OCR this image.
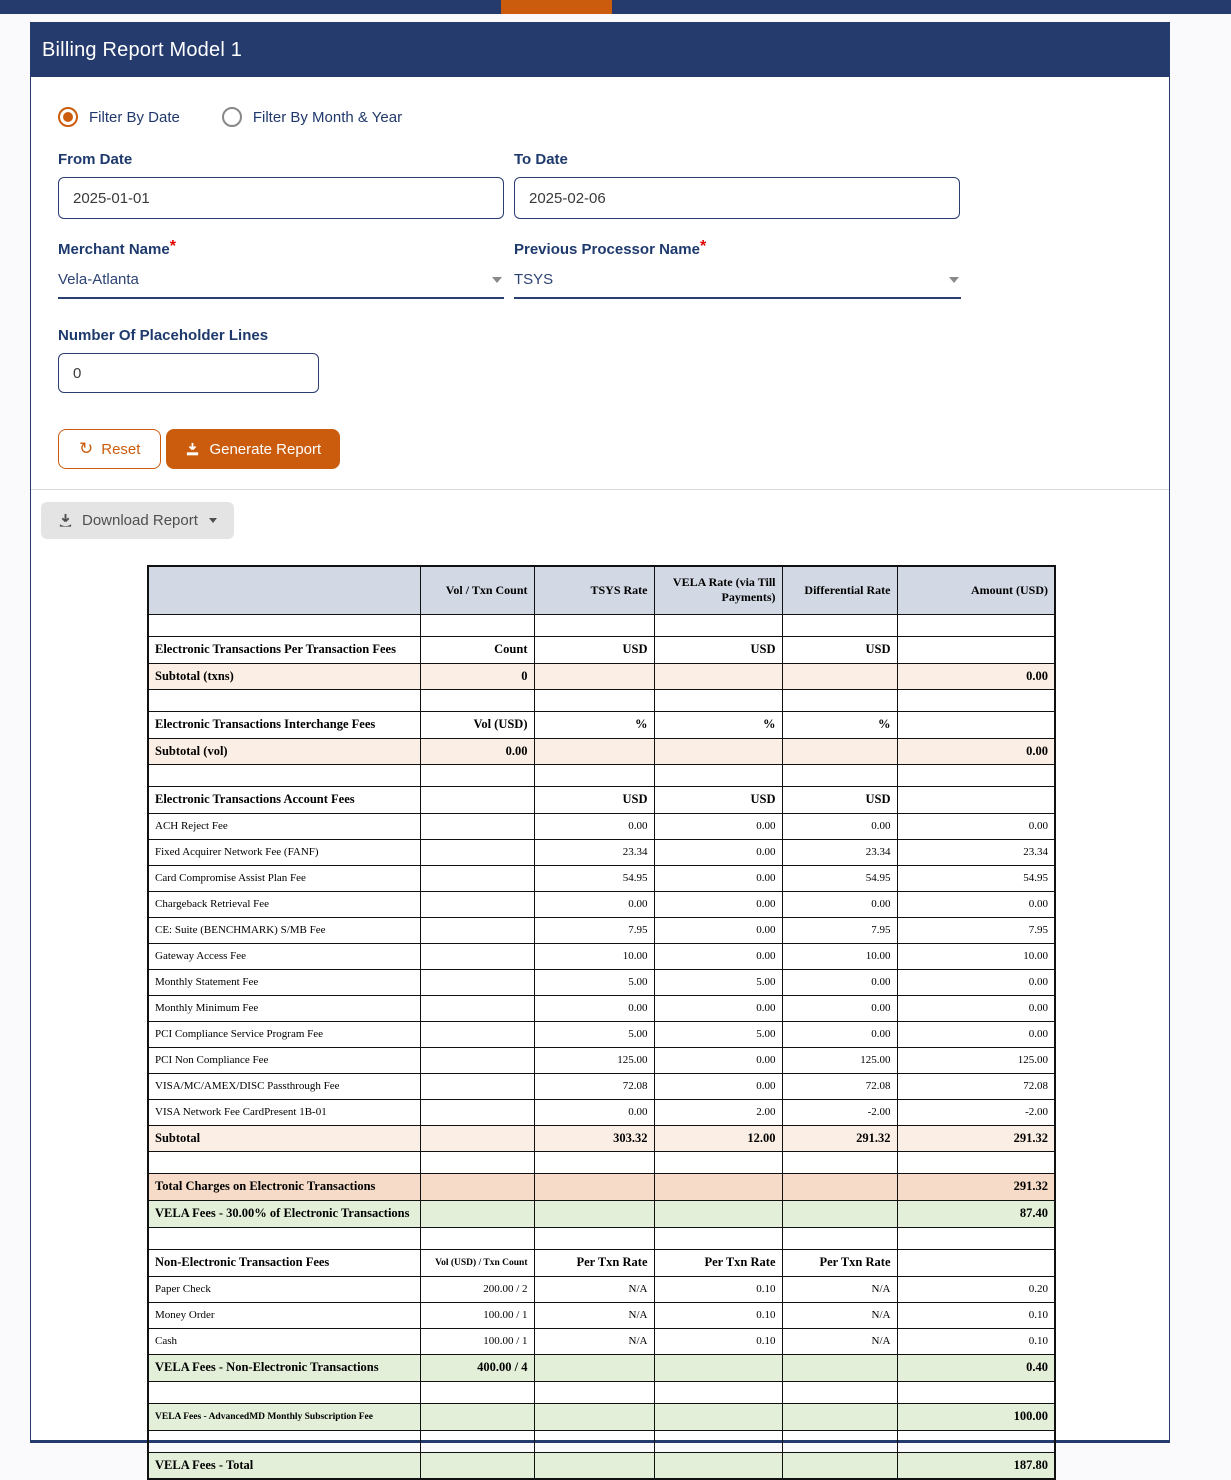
Billing Report Model 1
Filter By Date	Filter By Month & Year
From Date
2025-01-01	To Date
2025-02-06
Merchant Name*
Vela-Atlanta
Previous Processor Name*
TSYS
Number Of Placeholder Lines
0
↻ Reset	Generate Report
Download Report
	Vol / Txn Count	TSYS Rate	VELA Rate (via Till Payments)	Differential Rate	Amount (USD)

Electronic Transactions Per Transaction Fees	Count	USD	USD	USD	
Subtotal (txns)	0				0.00

Electronic Transactions Interchange Fees	Vol (USD)	%	%	%	
Subtotal (vol)	0.00				0.00

Electronic Transactions Account Fees		USD	USD	USD	
ACH Reject Fee		0.00	0.00	0.00	0.00
Fixed Acquirer Network Fee (FANF)		23.34	0.00	23.34	23.34
Card Compromise Assist Plan Fee		54.95	0.00	54.95	54.95
Chargeback Retrieval Fee		0.00	0.00	0.00	0.00
CE: Suite (BENCHMARK) S/MB Fee		7.95	0.00	7.95	7.95
Gateway Access Fee		10.00	0.00	10.00	10.00
Monthly Statement Fee		5.00	5.00	0.00	0.00
Monthly Minimum Fee		0.00	0.00	0.00	0.00
PCI Compliance Service Program Fee		5.00	5.00	0.00	0.00
PCI Non Compliance Fee		125.00	0.00	125.00	125.00
VISA/MC/AMEX/DISC Passthrough Fee		72.08	0.00	72.08	72.08
VISA Network Fee CardPresent 1B-01		0.00	2.00	-2.00	-2.00
Subtotal		303.32	12.00	291.32	291.32

Total Charges on Electronic Transactions					291.32
VELA Fees - 30.00% of Electronic Transactions					87.40

Non-Electronic Transaction Fees	Vol (USD) / Txn Count	Per Txn Rate	Per Txn Rate	Per Txn Rate	
Paper Check	200.00 / 2	N/A	0.10	N/A	0.20
Money Order	100.00 / 1	N/A	0.10	N/A	0.10
Cash	100.00 / 1	N/A	0.10	N/A	0.10
VELA Fees - Non-Electronic Transactions	400.00 / 4				0.40

VELA Fees - AdvancedMD Monthly Subscription Fee					100.00

VELA Fees - Total					187.80
